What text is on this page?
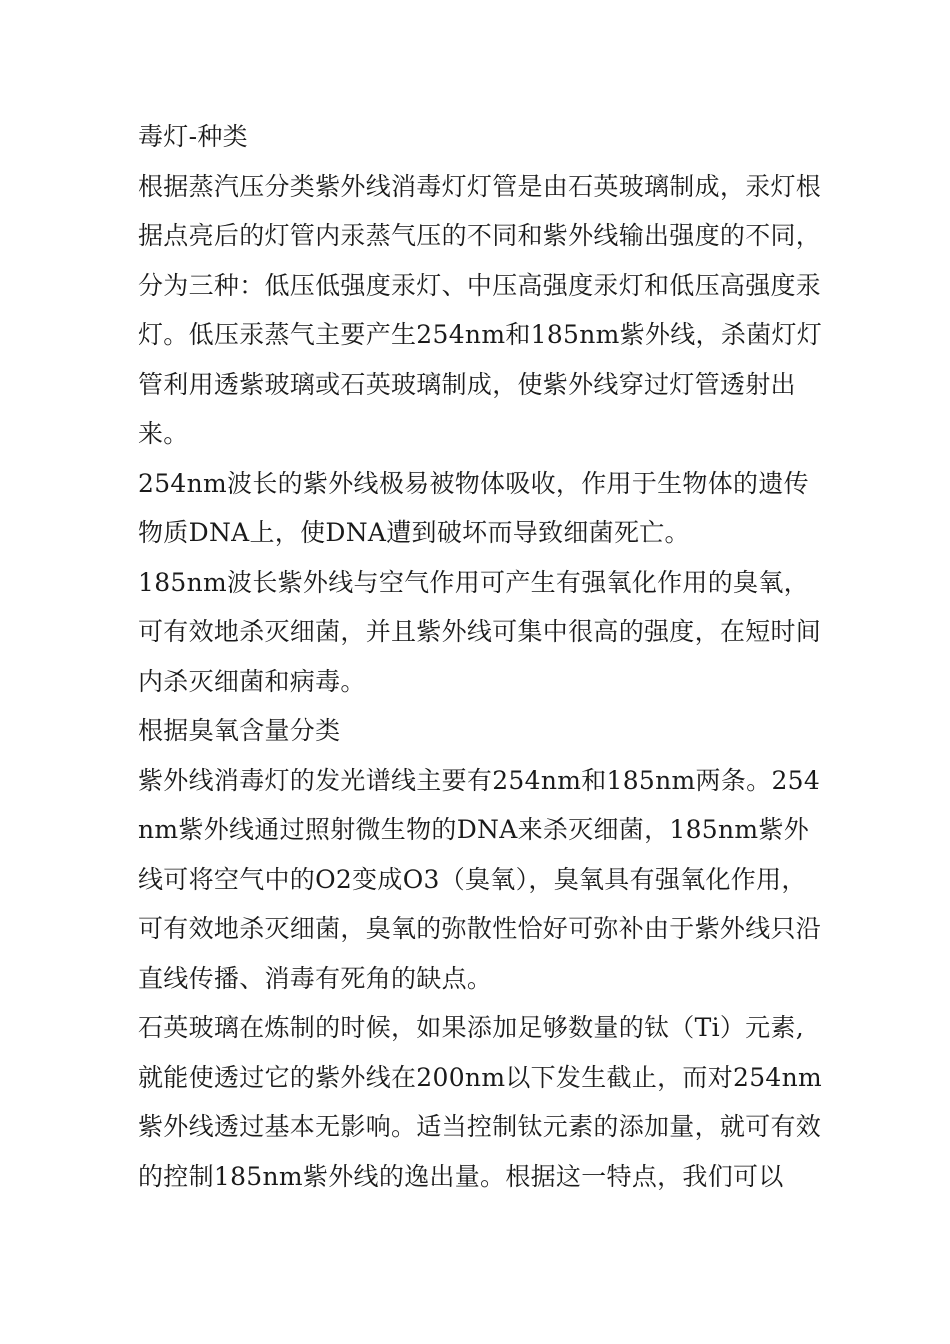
毒灯-种类

根据蒸汽压分类紫外线消毒灯灯管是由石英玻璃制成，汞灯根据点亮后的灯管内汞蒸气压的不同和紫外线输出强度的不同，分为三种：低压低强度汞灯、中压高强度汞灯和低压高强度汞灯。低压汞蒸气主要产生254nm和185nm紫外线，杀菌灯灯管利用透紫玻璃或石英玻璃制成，使紫外线穿过灯管透射出来。

254nm波长的紫外线极易被物体吸收，作用于生物体的遗传物质DNA上，使DNA遭到破坏而导致细菌死亡。

185nm波长紫外线与空气作用可产生有强氧化作用的臭氧，可有效地杀灭细菌，并且紫外线可集中很高的强度，在短时间内杀灭细菌和病毒。

根据臭氧含量分类

紫外线消毒灯的发光谱线主要有254nm和185nm两条。254nm紫外线通过照射微生物的DNA来杀灭细菌，185nm紫外线可将空气中的O2变成O3（臭氧），臭氧具有强氧化作用，可有效地杀灭细菌，臭氧的弥散性恰好可弥补由于紫外线只沿直线传播、消毒有死角的缺点。

石英玻璃在炼制的时候，如果添加足够数量的钛（Ti）元素,就能使透过它的紫外线在200nm以下发生截止，而对254nm紫外线透过基本无影响。适当控制钛元素的添加量，就可有效的控制185nm紫外线的逸出量。根据这一特点，我们可以
